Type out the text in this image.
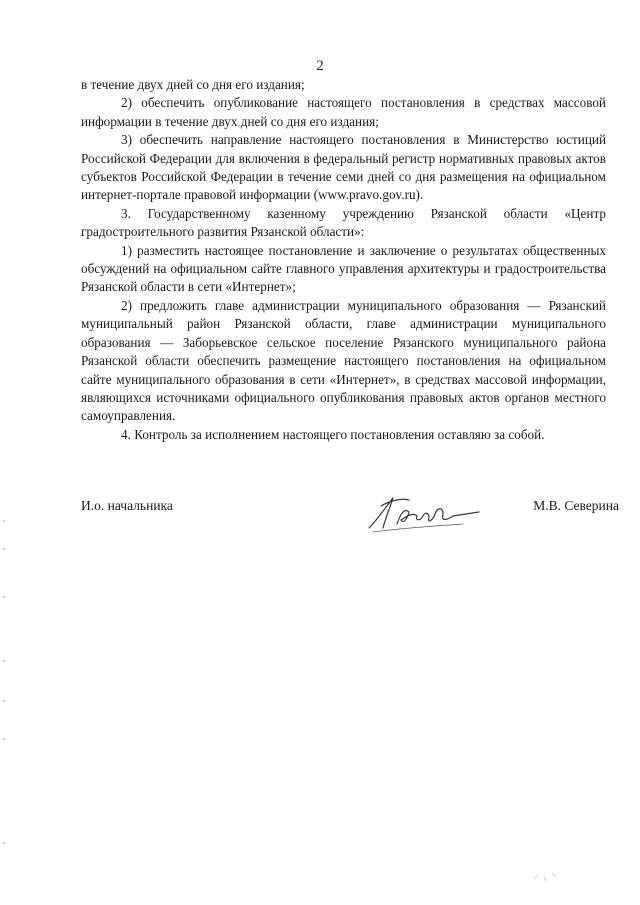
2

в течение двух дней со дня его издания;

2) обеспечить опубликование настоящего постановления в средствах массовой информации в течение двух дней со дня его издания;

3) обеспечить направление настоящего постановления в Министерство юстиций Российской Федерации для включения в федеральный регистр нормативных правовых актов субъектов Российской Федерации в течение семи дней со дня размещения на официальном интернет-портале правовой информации (www.pravo.gov.ru).

3. Государственному казенному учреждению Рязанской области «Центр градостроительного развития Рязанской области»:

1) разместить настоящее постановление и заключение о результатах общественных обсуждений на официальном сайте главного управления архитектуры и градостроительства Рязанской области в сети «Интернет»;

2) предложить главе администрации муниципального образования — Рязанский муниципальный район Рязанской области, главе администрации муниципального образования — Заборьевское сельское поселение Рязанского муниципального района Рязанской области обеспечить размещение настоящего постановления на официальном сайте муниципального образования в сети «Интернет», в средствах массовой информации, являющихся источниками официального опубликования правовых актов органов местного самоуправления.

4. Контроль за исполнением настоящего постановления оставляю за собой.

И.о. начальника	М.В. Северина
